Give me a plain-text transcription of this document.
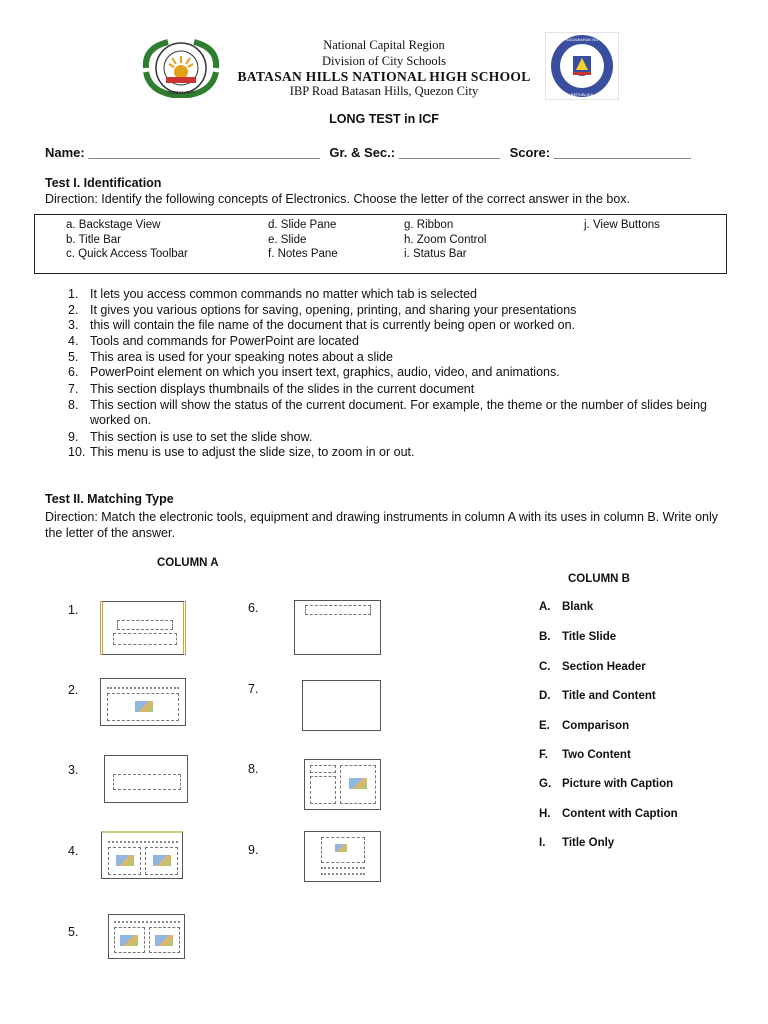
QUEZON CITY
KAGAWARAN NG
REPUBLIKA
National Capital Region
Division of City Schools
BATASAN HILLS NATIONAL HIGH SCHOOL
IBP Road Batasan Hills, Quezon City
LONG TEST in ICF
Name: ________________________________ Gr. & Sec.: ______________ Score: ___________________
Test I. Identification
Direction: Identify the following concepts of Electronics. Choose the letter of the correct answer in the box.
a. Backstage View
b. Title Bar
c. Quick Access Toolbar
d. Slide Pane
e. Slide
f. Notes Pane
g. Ribbon
h. Zoom Control
i. Status Bar
j. View Buttons
1. It lets you access common commands no matter which tab is selected
2. It gives you various options for saving, opening, printing, and sharing your presentations
3. this will contain the file name of the document that is currently being open or worked on.
4. Tools and commands for PowerPoint are located
5. This area is used for your speaking notes about a slide
6. PowerPoint element on which you insert text, graphics, audio, video, and animations.
7. This section displays thumbnails of the slides in the current document
8. This section will show the status of the current document. For example, the theme or the number of slides being worked on.
9. This section is use to set the slide show.
10. This menu is use to adjust the slide size, to zoom in or out.
Test II. Matching Type
Direction: Match the electronic tools, equipment and drawing instruments in column A with its uses in column B. Write only the letter of the answer.
COLUMN A
COLUMN B
1.
2.
3.
4.
5.
6.
7.
8.
9.
A. Blank
B. Title Slide
C. Section Header
D. Title and Content
E. Comparison
F. Two Content
G. Picture with Caption
H. Content with Caption
I. Title Only
